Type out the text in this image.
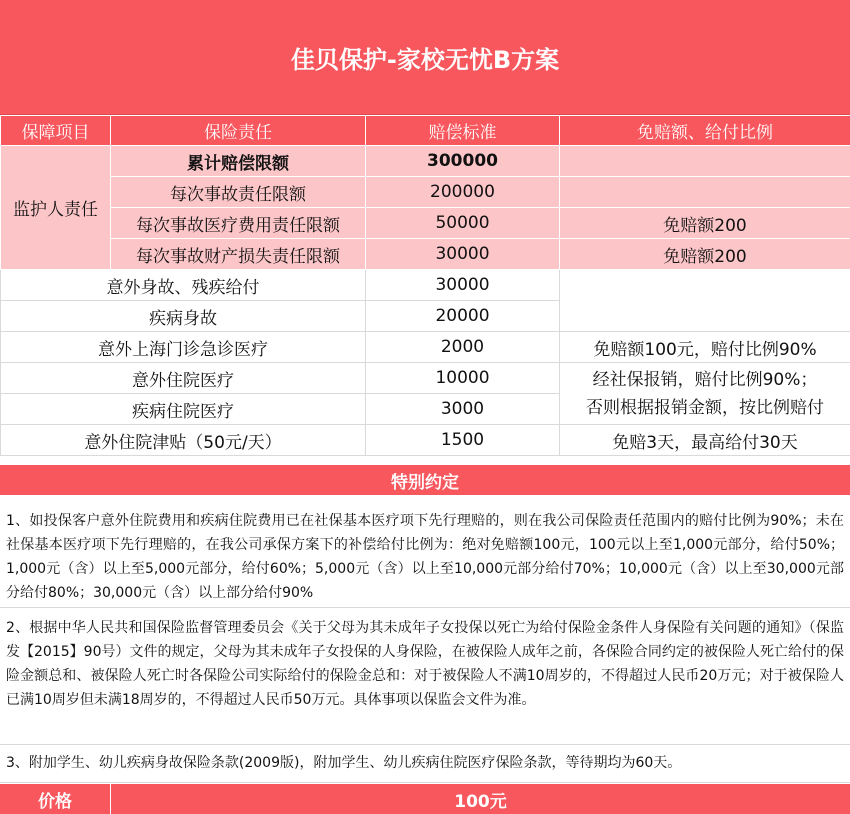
佳贝保护-家校无忧B方案
保障项目	保险责任	赔偿标准	免赔额、给付比例
监护人责任	累计赔偿限额	300000	
	每次事故责任限额	200000	
	每次事故医疗费用责任限额	50000	免赔额200
	每次事故财产损失责任限额	30000	免赔额200
意外身故、残疾给付		30000	
疾病身故		20000	
意外上海门诊急诊医疗		2000	免赔额100元，赔付比例90%
意外住院医疗		10000	经社保报销，赔付比例90%；
否则根据报销金额，按比例赔付

疾病住院医疗		3000	
意外住院津贴（50元/天）		1500	免赔3天，最高给付30天
特别约定
1、如投保客户意外住院费用和疾病住院费用已在社保基本医疗项下先行理赔的，则在我公司保险责任范围内的赔付比例为90%；未在社保基本医疗项下先行理赔的，在我公司承保方案下的补偿给付比例为：绝对免赔额100元，100元以上至1,000元部分，给付50%；1,000元（含）以上至5,000元部分，给付60%；5,000元（含）以上至10,000元部分给付70%；10,000元（含）以上至30,000元部分给付80%；30,000元（含）以上部分给付90%
2、根据中华人民共和国保险监督管理委员会《关于父母为其未成年子女投保以死亡为给付保险金条件人身保险有关问题的通知》（保监发【2015】90号）文件的规定，父母为其未成年子女投保的人身保险，在被保险人成年之前，各保险合同约定的被保险人死亡给付的保险金额总和、被保险人死亡时各保险公司实际给付的保险金总和：对于被保险人不满10周岁的，不得超过人民币20万元；对于被保险人已满10周岁但未满18周岁的，不得超过人民币50万元。具体事项以保监会文件为准。
3、附加学生、幼儿疾病身故保险条款(2009版)，附加学生、幼儿疾病住院医疗保险条款，等待期均为60天。
价格	100元
